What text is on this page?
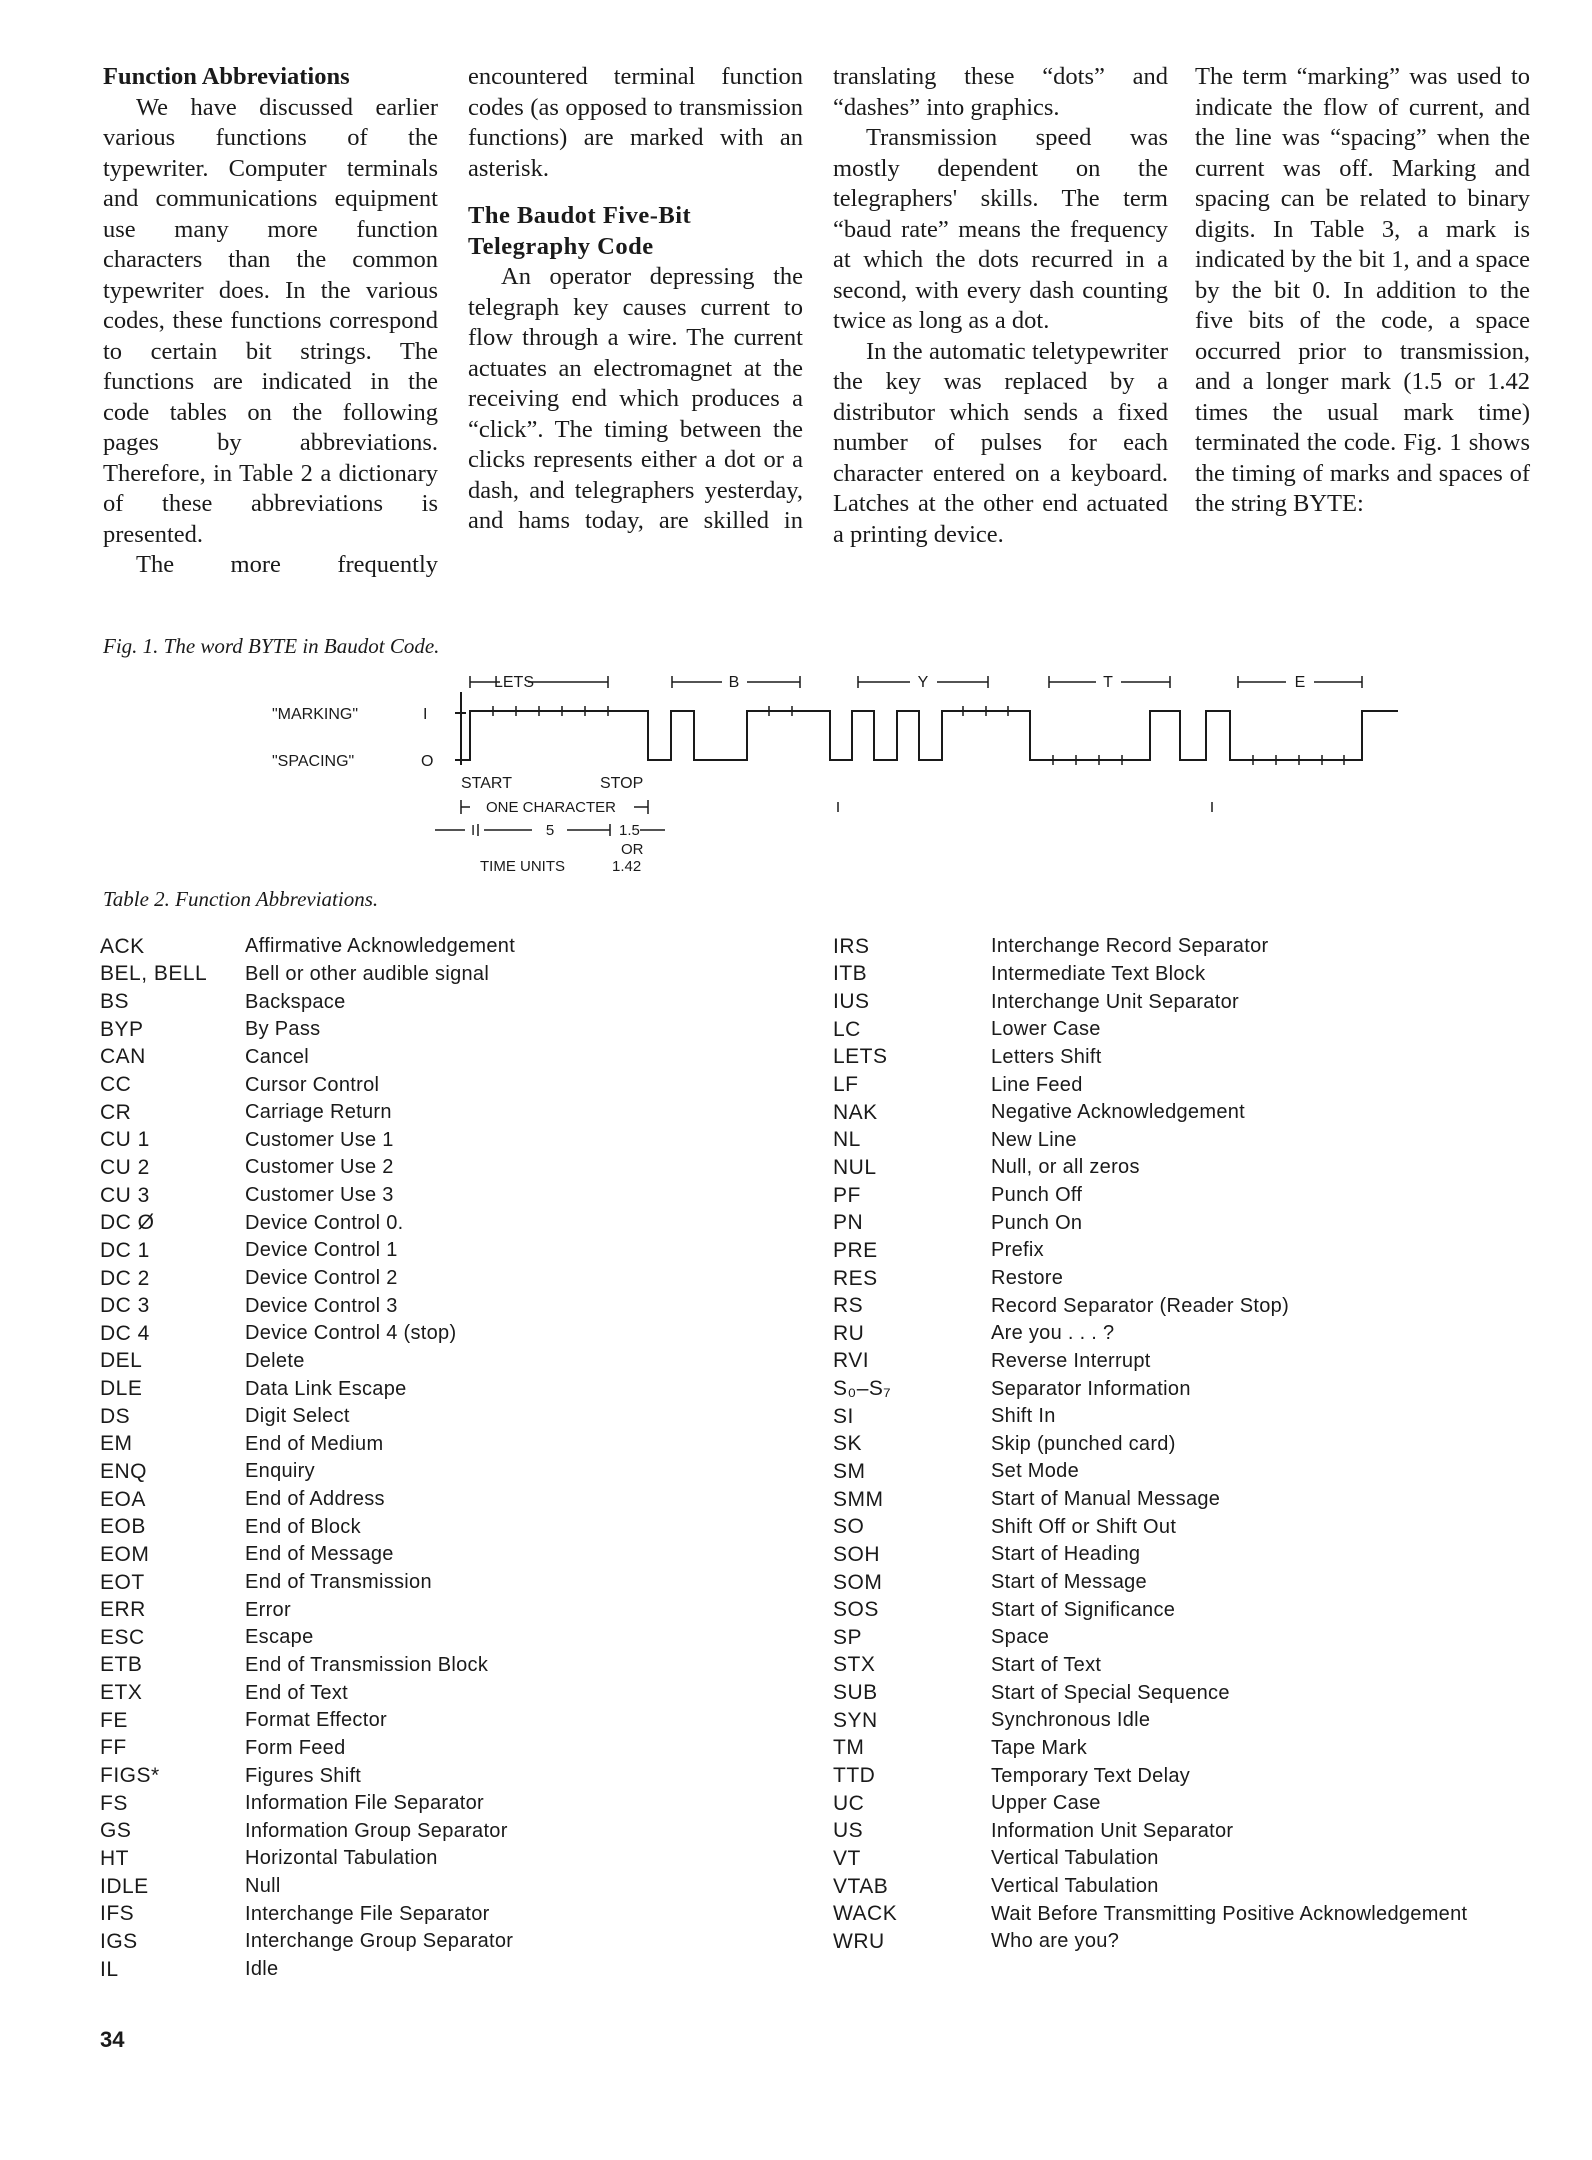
Function Abbreviations

We have discussed earlier various functions of the typewriter. Computer terminals and communications equipment use many more function characters than the common typewriter does. In the various codes, these functions correspond to certain bit strings. The functions are indicated in the code tables on the following pages by abbreviations. Therefore, in Table 2 a dictionary of these abbreviations is presented.

The more frequently

encountered terminal function codes (as opposed to transmission functions) are marked with an asterisk.

The Baudot Five-Bit Telegraphy Code

An operator depressing the telegraph key causes current to flow through a wire. The current actuates an electromagnet at the receiving end which produces a “click”. The timing between the clicks represents either a dot or a dash, and telegraphers yesterday, and hams today, are skilled in

translating these “dots” and “dashes” into graphics.

Transmission speed was mostly dependent on the telegraphers' skills. The term “baud rate” means the frequency at which the dots recurred in a second, with every dash counting twice as long as a dot.

In the automatic teletypewriter the key was replaced by a distributor which sends a fixed number of pulses for each character entered on a keyboard. Latches at the other end actuated a printing device.

The term “marking” was used to indicate the flow of current, and the line was “spacing” when the current was off. Marking and spacing can be related to binary digits. In Table 3, a mark is indicated by the bit 1, and a space by the bit 0. In addition to the five bits of the code, a space occurred prior to transmission, and a longer mark (1.5 or 1.42 times the usual mark time) terminated the code. Fig. 1 shows the timing of marks and spaces of the string BYTE:

Fig. 1. The word BYTE in Baudot Code.
"MARKING"
"SPACING"
I
O
LETS	B	Y	T	E
START	STOP
ONE CHARACTER
I	5	1.5
OR
TIME UNITS	1.42
Table 2. Function Abbreviations.
ACK	Affirmative Acknowledgement
BEL, BELL	Bell or other audible signal
BS	Backspace
BYP	By Pass
CAN	Cancel
CC	Cursor Control
CR	Carriage Return
CU 1	Customer Use 1
CU 2	Customer Use 2
CU 3	Customer Use 3
DC Ø	Device Control 0.
DC 1	Device Control 1
DC 2	Device Control 2
DC 3	Device Control 3
DC 4	Device Control 4 (stop)
DEL	Delete
DLE	Data Link Escape
DS	Digit Select
EM	End of Medium
ENQ	Enquiry
EOA	End of Address
EOB	End of Block
EOM	End of Message
EOT	End of Transmission
ERR	Error
ESC	Escape
ETB	End of Transmission Block
ETX	End of Text
FE	Format Effector
FF	Form Feed
FIGS*	Figures Shift
FS	Information File Separator
GS	Information Group Separator
HT	Horizontal Tabulation
IDLE	Null
IFS	Interchange File Separator
IGS	Interchange Group Separator
IL	Idle
IRS	Interchange Record Separator
ITB	Intermediate Text Block
IUS	Interchange Unit Separator
LC	Lower Case
LETS	Letters Shift
LF	Line Feed
NAK	Negative Acknowledgement
NL	New Line
NUL	Null, or all zeros
PF	Punch Off
PN	Punch On
PRE	Prefix
RES	Restore
RS	Record Separator (Reader Stop)
RU	Are you . . . ?
RVI	Reverse Interrupt
S₀–S₇	Separator Information
SI	Shift In
SK	Skip (punched card)
SM	Set Mode
SMM	Start of Manual Message
SO	Shift Off or Shift Out
SOH	Start of Heading
SOM	Start of Message
SOS	Start of Significance
SP	Space
STX	Start of Text
SUB	Start of Special Sequence
SYN	Synchronous Idle
TM	Tape Mark
TTD	Temporary Text Delay
UC	Upper Case
US	Information Unit Separator
VT	Vertical Tabulation
VTAB	Vertical Tabulation
WACK	Wait Before Transmitting Positive Acknowledgement
WRU	Who are you?
34
